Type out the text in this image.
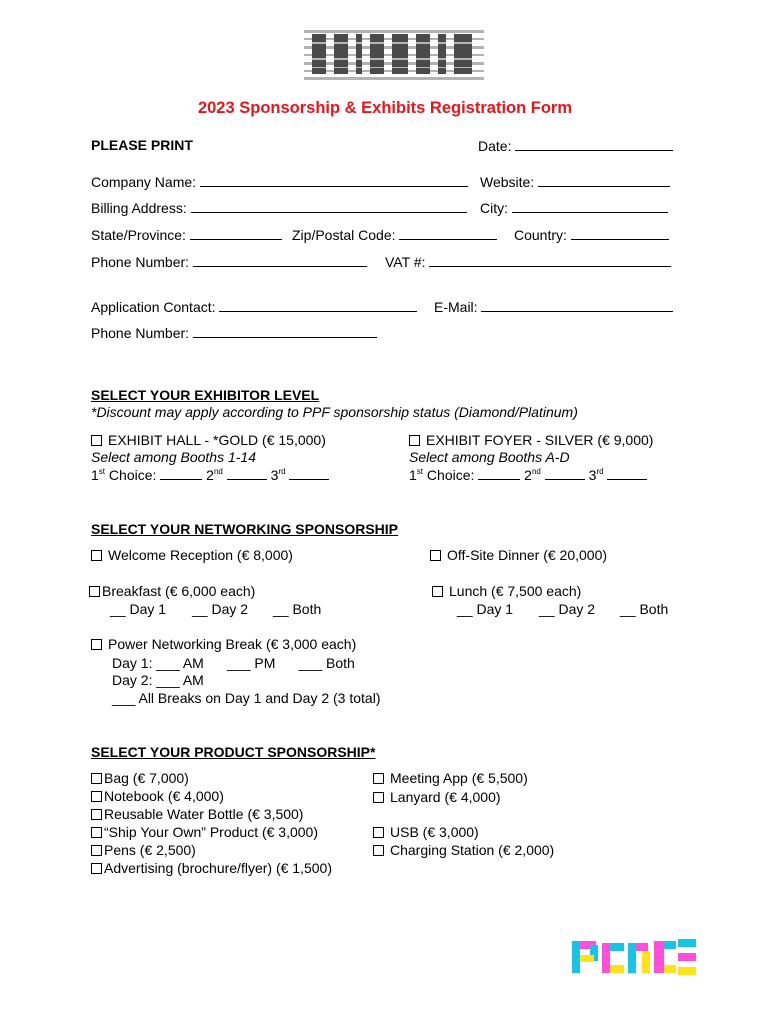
2023 Sponsorship & Exhibits Registration Form
PLEASE PRINT	Date:
Company Name:	Website:
Billing Address:	City:
State/Province:	Zip/Postal Code:	Country:
Phone Number:	VAT #:
Application Contact:	E-Mail:
Phone Number:
SELECT YOUR EXHIBITOR LEVEL
*Discount may apply according to PPF sponsorship status (Diamond/Platinum)
EXHIBIT HALL - *GOLD (€ 15,000)
Select among Booths 1-14
1st Choice:	2nd	3rd
EXHIBIT FOYER - SILVER (€ 9,000)
Select among Booths A-D
1st Choice:	2nd	3rd
SELECT YOUR NETWORKING SPONSORSHIP
Welcome Reception (€ 8,000)	Off-Site Dinner (€ 20,000)
Breakfast (€ 6,000 each)
__ Day 1 __ Day 2 __ Both
Lunch (€ 7,500 each)
__ Day 1 __ Day 2 __ Both
Power Networking Break (€ 3,000 each)
Day 1: ___ AM      ___ PM      ___ Both
Day 2: ___ AM
___ All Breaks on Day 1 and Day 2 (3 total)
SELECT YOUR PRODUCT SPONSORSHIP*
Bag (€ 7,000)
Notebook (€ 4,000)
Reusable Water Bottle (€ 3,500)
“Ship Your Own” Product (€ 3,000)
Pens (€ 2,500)
Advertising (brochure/flyer) (€ 1,500)
Meeting App (€ 5,500)
Lanyard (€ 4,000)
USB (€ 3,000)
Charging Station (€ 2,000)
